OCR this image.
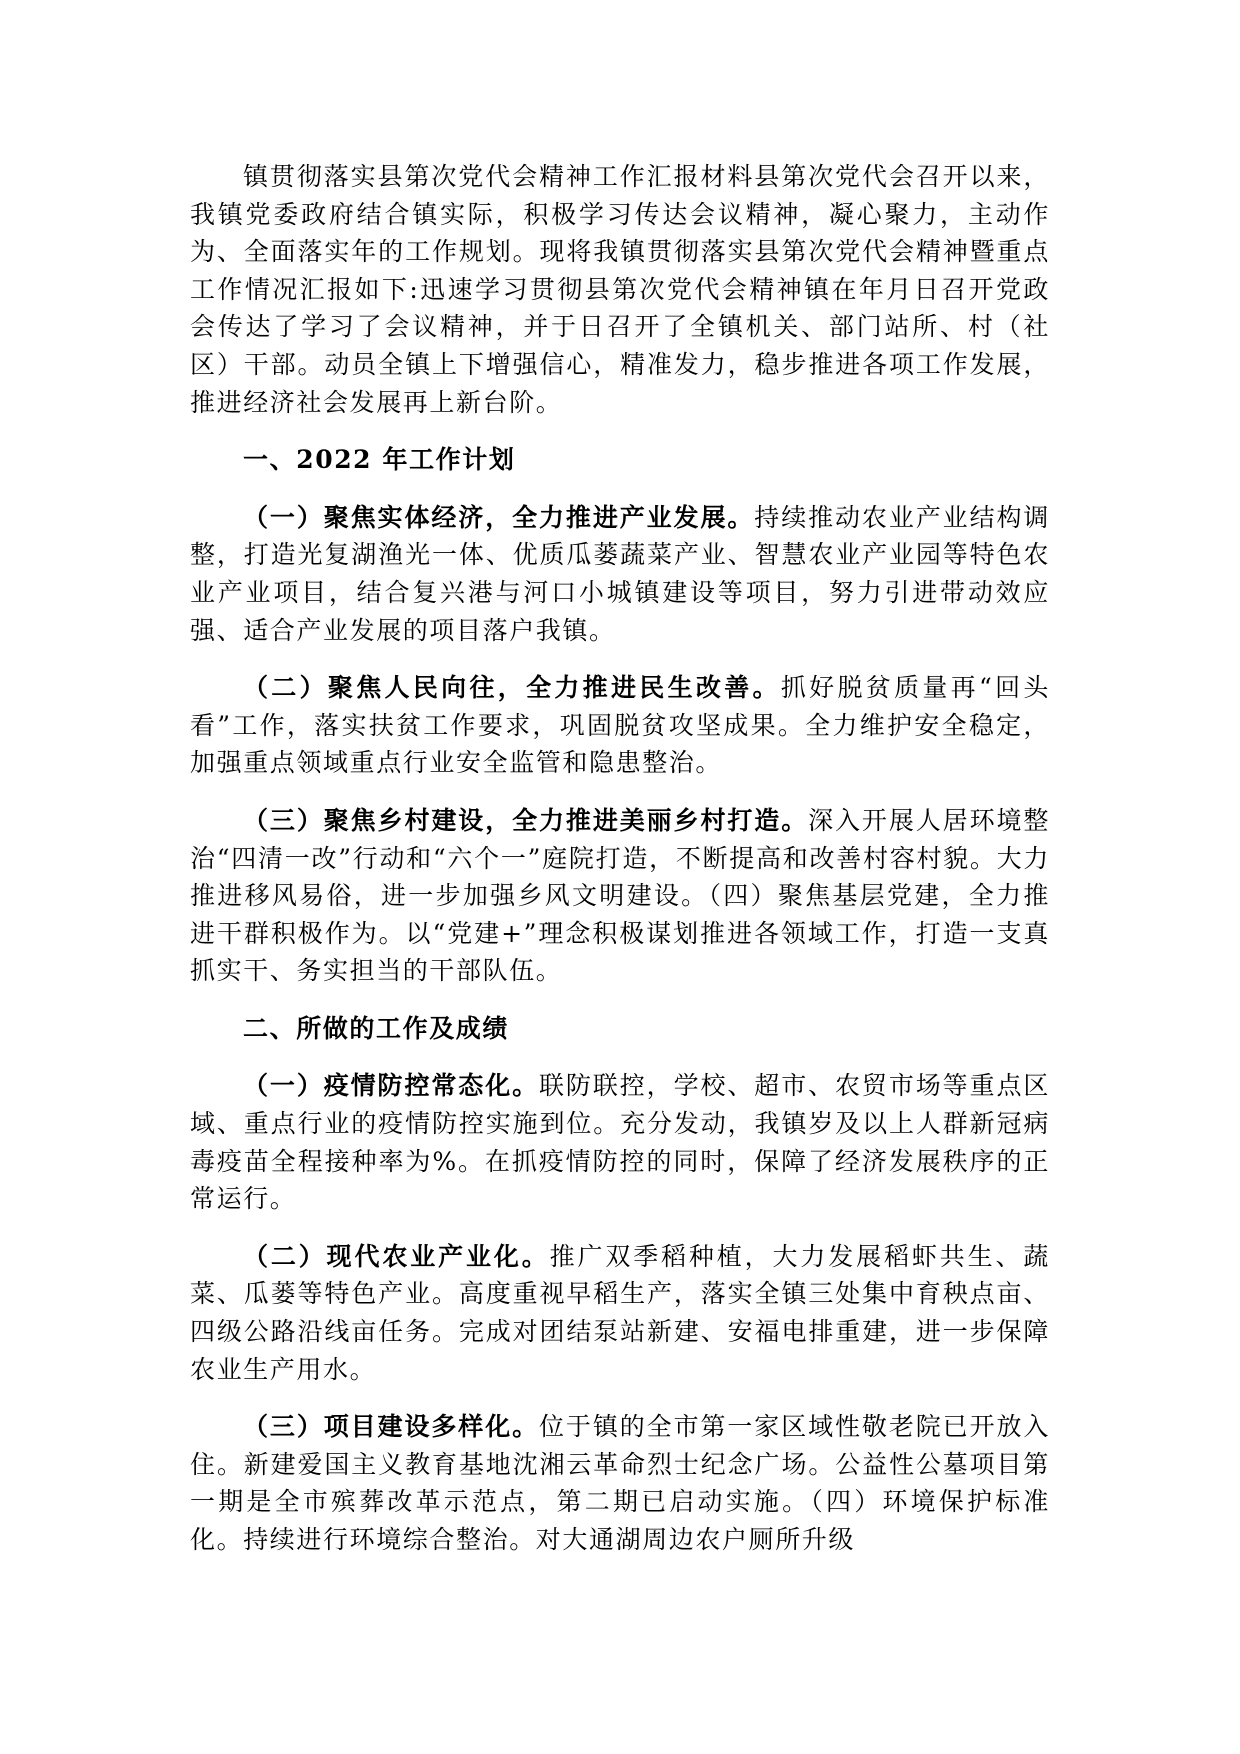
镇贯彻落实县第次党代会精神工作汇报材料县第次党代会召开以来，我镇党委政府结合镇实际，积极学习传达会议精神，凝心聚力，主动作为、全面落实年的工作规划。现将我镇贯彻落实县第次党代会精神暨重点工作情况汇报如下:迅速学习贯彻县第次党代会精神镇在年月日召开党政会传达了学习了会议精神，并于日召开了全镇机关、部门站所、村（社区）干部。动员全镇上下增强信心，精准发力，稳步推进各项工作发展，推进经济社会发展再上新台阶。

一、2022 年工作计划

（一）聚焦实体经济，全力推进产业发展。持续推动农业产业结构调整，打造光复湖渔光一体、优质瓜蒌蔬菜产业、智慧农业产业园等特色农业产业项目，结合复兴港与河口小城镇建设等项目，努力引进带动效应强、适合产业发展的项目落户我镇。

（二）聚焦人民向往，全力推进民生改善。抓好脱贫质量再“回头看”工作，落实扶贫工作要求，巩固脱贫攻坚成果。全力维护安全稳定，加强重点领域重点行业安全监管和隐患整治。

（三）聚焦乡村建设，全力推进美丽乡村打造。深入开展人居环境整治“四清一改”行动和“六个一”庭院打造，不断提高和改善村容村貌。大力推进移风易俗，进一步加强乡风文明建设。（四）聚焦基层党建，全力推进干群积极作为。以“党建+”理念积极谋划推进各领域工作，打造一支真抓实干、务实担当的干部队伍。

二、所做的工作及成绩

（一）疫情防控常态化。联防联控，学校、超市、农贸市场等重点区域、重点行业的疫情防控实施到位。充分发动，我镇岁及以上人群新冠病毒疫苗全程接种率为%。在抓疫情防控的同时，保障了经济发展秩序的正常运行。

（二）现代农业产业化。推广双季稻种植，大力发展稻虾共生、蔬菜、瓜蒌等特色产业。高度重视早稻生产，落实全镇三处集中育秧点亩、四级公路沿线亩任务。完成对团结泵站新建、安福电排重建，进一步保障农业生产用水。

（三）项目建设多样化。位于镇的全市第一家区域性敬老院已开放入住。新建爱国主义教育基地沈湘云革命烈士纪念广场。公益性公墓项目第一期是全市殡葬改革示范点，第二期已启动实施。（四）环境保护标准化。持续进行环境综合整治。对大通湖周边农户厕所升级
